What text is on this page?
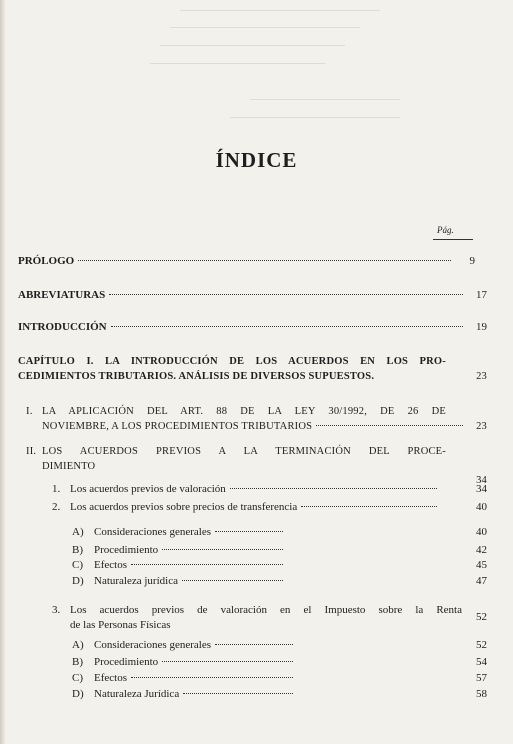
ÍNDICE
Pág.
PRÓLOGO	9
ABREVIATURAS	17
INTRODUCCIÓN	19
CAPÍTULO I. LA INTRODUCCIÓN DE LOS ACUERDOS EN LOS PRO-
CEDIMIENTOS TRIBUTARIOS. ANÁLISIS DE DIVERSOS SUPUESTOS.	23
I. LA APLICACIÓN DEL ART. 88 DE LA LEY 30/1992, DE 26 DE
NOVIEMBRE, A LOS PROCEDIMIENTOS TRIBUTARIOS	23
II. LOS ACUERDOS PREVIOS A LA TERMINACIÓN DEL PROCE-
DIMIENTO
34
1. Los acuerdos previos de valoración	34
2. Los acuerdos previos sobre precios de transferencia	40
A) Consideraciones generales	40
B)	Procedimiento	42
C)	Efectos	45
D) Naturaleza jurídica	47
3. Los acuerdos previos de valoración en el Impuesto sobre la Renta
de las Personas Físicas
52
A) Consideraciones generales	52
B)	Procedimiento	54
C)	Efectos	57
D) Naturaleza Jurídica	58
